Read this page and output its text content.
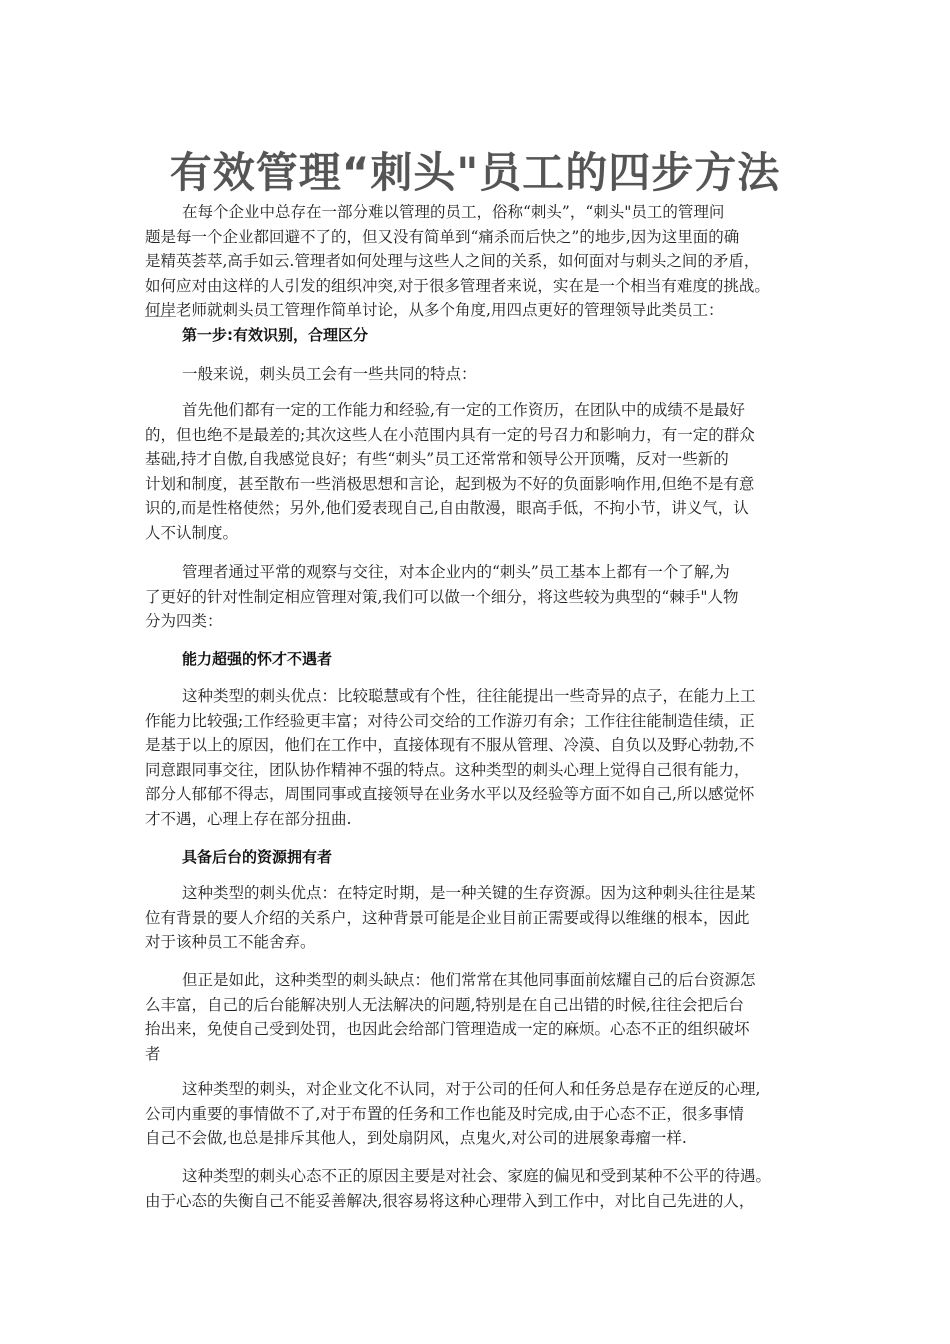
有效管理“刺头"员工的四步方法
在每个企业中总存在一部分难以管理的员工，俗称“刺头”，“刺头"员工的管理问
题是每一个企业都回避不了的，但又没有简单到“痛杀而后快之”的地步,因为这里面的确
是精英荟萃,高手如云.管理者如何处理与这些人之间的关系，如何面对与刺头之间的矛盾，
如何应对由这样的人引发的组织冲突,对于很多管理者来说，实在是一个相当有难度的挑战。
何岸老师就刺头员工管理作简单讨论，从多个角度,用四点更好的管理领导此类员工：
第一步:有效识别，合理区分
一般来说，刺头员工会有一些共同的特点：
首先他们都有一定的工作能力和经验,有一定的工作资历，在团队中的成绩不是最好
的，但也绝不是最差的;其次这些人在小范围内具有一定的号召力和影响力，有一定的群众
基础,持才自傲,自我感觉良好；有些“刺头”员工还常常和领导公开顶嘴，反对一些新的
计划和制度，甚至散布一些消极思想和言论，起到极为不好的负面影响作用,但绝不是有意
识的,而是性格使然；另外,他们爱表现自己,自由散漫，眼高手低，不拘小节，讲义气，认
人不认制度。
管理者通过平常的观察与交往，对本企业内的“刺头”员工基本上都有一个了解,为
了更好的针对性制定相应管理对策,我们可以做一个细分，将这些较为典型的“棘手"人物
分为四类：
能力超强的怀才不遇者
这种类型的刺头优点：比较聪慧或有个性，往往能提出一些奇异的点子，在能力上工
作能力比较强;工作经验更丰富；对待公司交给的工作游刃有余；工作往往能制造佳绩，正
是基于以上的原因，他们在工作中，直接体现有不服从管理、冷漠、自负以及野心勃勃,不
同意跟同事交往，团队协作精神不强的特点。这种类型的刺头心理上觉得自己很有能力，
部分人郁郁不得志，周围同事或直接领导在业务水平以及经验等方面不如自己,所以感觉怀
才不遇，心理上存在部分扭曲.
具备后台的资源拥有者
这种类型的刺头优点：在特定时期，是一种关键的生存资源。因为这种刺头往往是某
位有背景的要人介绍的关系户，这种背景可能是企业目前正需要或得以维继的根本，因此
对于该种员工不能舍弃。
但正是如此，这种类型的刺头缺点：他们常常在其他同事面前炫耀自己的后台资源怎
么丰富，自己的后台能解决别人无法解决的问题,特别是在自己出错的时候,往往会把后台
抬出来，免使自己受到处罚，也因此会给部门管理造成一定的麻烦。心态不正的组织破坏
者
这种类型的刺头，对企业文化不认同，对于公司的任何人和任务总是存在逆反的心理,
公司内重要的事情做不了,对于布置的任务和工作也能及时完成,由于心态不正，很多事情
自己不会做,也总是排斥其他人，到处扇阴风，点鬼火,对公司的进展象毒瘤一样.
这种类型的刺头心态不正的原因主要是对社会、家庭的偏见和受到某种不公平的待遇。
由于心态的失衡自己不能妥善解决,很容易将这种心理带入到工作中，对比自己先进的人，
